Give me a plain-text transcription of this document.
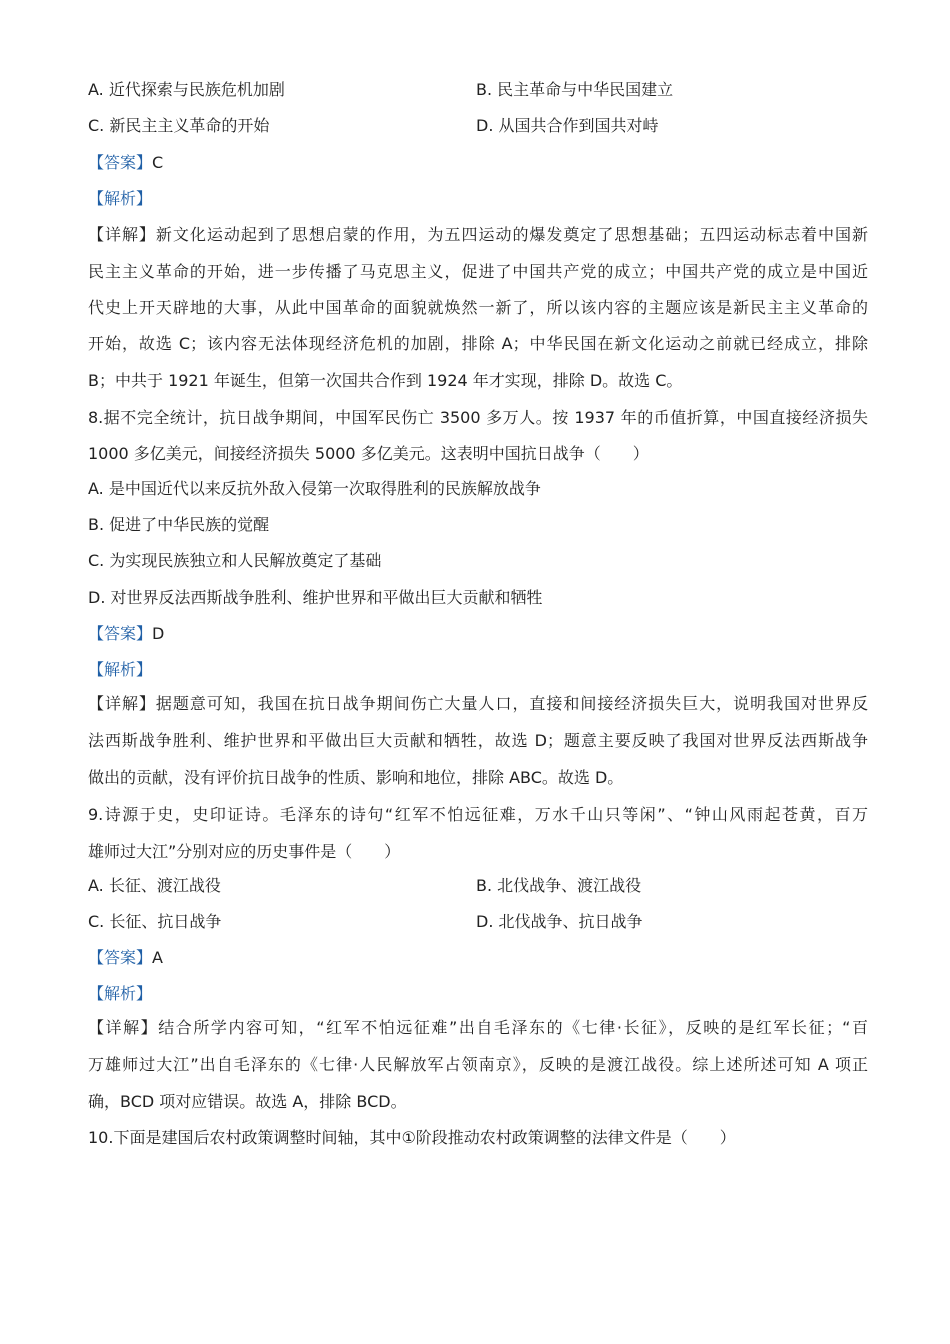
A. 近代探索与民族危机加剧	B. 民主革命与中华民国建立
C. 新民主主义革命的开始	D. 从国共合作到国共对峙
【答案】C
【解析】
【详解】新文化运动起到了思想启蒙的作用，为五四运动的爆发奠定了思想基础；五四运动标志着中国新
民主主义革命的开始，进一步传播了马克思主义，促进了中国共产党的成立；中国共产党的成立是中国近
代史上开天辟地的大事，从此中国革命的面貌就焕然一新了，所以该内容的主题应该是新民主主义革命的
开始，故选 C；该内容无法体现经济危机的加剧，排除 A；中华民国在新文化运动之前就已经成立，排除
B；中共于 1921 年诞生，但第一次国共合作到 1924 年才实现，排除 D。故选 C。
8.据不完全统计，抗日战争期间，中国军民伤亡 3500 多万人。按 1937 年的币值折算，中国直接经济损失
1000 多亿美元，间接经济损失 5000 多亿美元。这表明中国抗日战争（　　）
A. 是中国近代以来反抗外敌入侵第一次取得胜利的民族解放战争
B. 促进了中华民族的觉醒
C. 为实现民族独立和人民解放奠定了基础
D. 对世界反法西斯战争胜利、维护世界和平做出巨大贡献和牺牲
【答案】D
【解析】
【详解】据题意可知，我国在抗日战争期间伤亡大量人口，直接和间接经济损失巨大，说明我国对世界反
法西斯战争胜利、维护世界和平做出巨大贡献和牺牲，故选 D；题意主要反映了我国对世界反法西斯战争
做出的贡献，没有评价抗日战争的性质、影响和地位，排除 ABC。故选 D。
9.诗源于史，史印证诗。毛泽东的诗句“红军不怕远征难，万水千山只等闲”、“钟山风雨起苍黄，百万
雄师过大江”分别对应的历史事件是（　　）
A. 长征、渡江战役	B. 北伐战争、渡江战役
C. 长征、抗日战争	D. 北伐战争、抗日战争
【答案】A
【解析】
【详解】结合所学内容可知，“红军不怕远征难”出自毛泽东的《七律·长征》，反映的是红军长征；“百
万雄师过大江”出自毛泽东的《七律·人民解放军占领南京》，反映的是渡江战役。综上述所述可知 A 项正
确，BCD 项对应错误。故选 A，排除 BCD。
10.下面是建国后农村政策调整时间轴，其中①阶段推动农村政策调整的法律文件是（　　）
